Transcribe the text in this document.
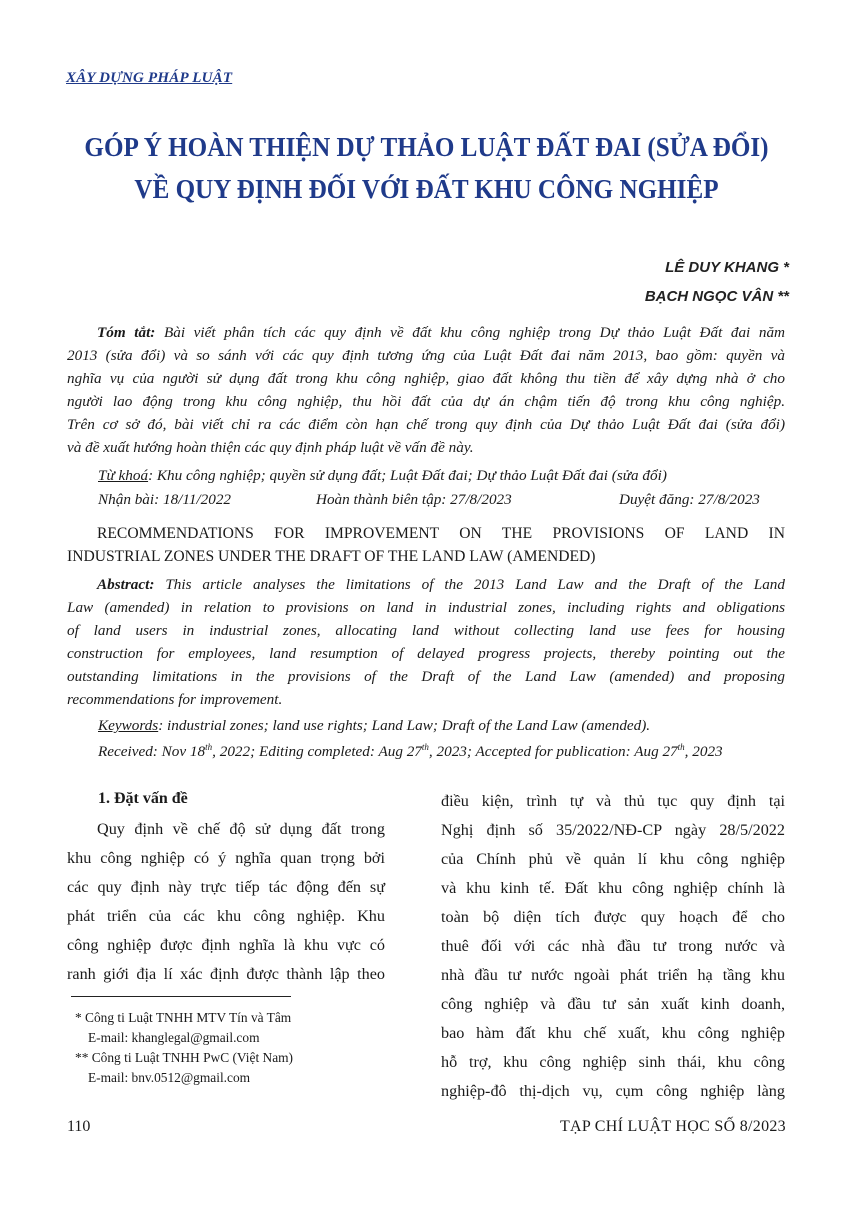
XÂY DỰNG PHÁP LUẬT
GÓP Ý HOÀN THIỆN DỰ THẢO LUẬT ĐẤT ĐAI (SỬA ĐỔI)
VỀ QUY ĐỊNH ĐỐI VỚI ĐẤT KHU CÔNG NGHIỆP
LÊ DUY KHANG *
BẠCH NGỌC VÂN **
Tóm tắt: Bài viết phân tích các quy định về đất khu công nghiệp trong Dự thảo Luật Đất đai năm
2013 (sửa đổi) và so sánh với các quy định tương ứng của Luật Đất đai năm 2013, bao gồm: quyền và
nghĩa vụ của người sử dụng đất trong khu công nghiệp, giao đất không thu tiền để xây dựng nhà ở cho
người lao động trong khu công nghiệp, thu hồi đất của dự án chậm tiến độ trong khu công nghiệp.
Trên cơ sở đó, bài viết chỉ ra các điểm còn hạn chế trong quy định của Dự thảo Luật Đất đai (sửa đổi)
và đề xuất hướng hoàn thiện các quy định pháp luật về vấn đề này.
Từ khoá: Khu công nghiệp; quyền sử dụng đất; Luật Đất đai; Dự thảo Luật Đất đai (sửa đổi)
Nhận bài: 18/11/2022	Hoàn thành biên tập: 27/8/2023	Duyệt đăng: 27/8/2023
RECOMMENDATIONS FOR IMPROVEMENT ON THE PROVISIONS OF LAND IN
INDUSTRIAL ZONES UNDER THE DRAFT OF THE LAND LAW (AMENDED)
Abstract: This article analyses the limitations of the 2013 Land Law and the Draft of the Land
Law (amended) in relation to provisions on land in industrial zones, including rights and obligations
of land users in industrial zones, allocating land without collecting land use fees for housing
construction for employees, land resumption of delayed progress projects, thereby pointing out the
outstanding limitations in the provisions of the Draft of the Land Law (amended) and proposing
recommendations for improvement.
Keywords: industrial zones; land use rights; Land Law; Draft of the Land Law (amended).
Received: Nov 18th, 2022; Editing completed: Aug 27th, 2023; Accepted for publication: Aug 27th, 2023
1. Đặt vấn đề
Quy định về chế độ sử dụng đất trong
khu công nghiệp có ý nghĩa quan trọng bởi
các quy định này trực tiếp tác động đến sự
phát triển của các khu công nghiệp. Khu
công nghiệp được định nghĩa là khu vực có
ranh giới địa lí xác định được thành lập theo
điều kiện, trình tự và thủ tục quy định tại
Nghị định số 35/2022/NĐ-CP ngày 28/5/2022
của Chính phủ về quản lí khu công nghiệp
và khu kinh tế. Đất khu công nghiệp chính là
toàn bộ diện tích được quy hoạch để cho
thuê đối với các nhà đầu tư trong nước và
nhà đầu tư nước ngoài phát triển hạ tầng khu
công nghiệp và đầu tư sản xuất kinh doanh,
bao hàm đất khu chế xuất, khu công nghiệp
hỗ trợ, khu công nghiệp sinh thái, khu công
nghiệp-đô thị-dịch vụ, cụm công nghiệp làng
* Công ti Luật TNHH MTV Tín và Tâm
E-mail: khanglegal@gmail.com
** Công ti Luật TNHH PwC (Việt Nam)
E-mail: bnv.0512@gmail.com
110	TẠP CHÍ LUẬT HỌC SỐ 8/2023
